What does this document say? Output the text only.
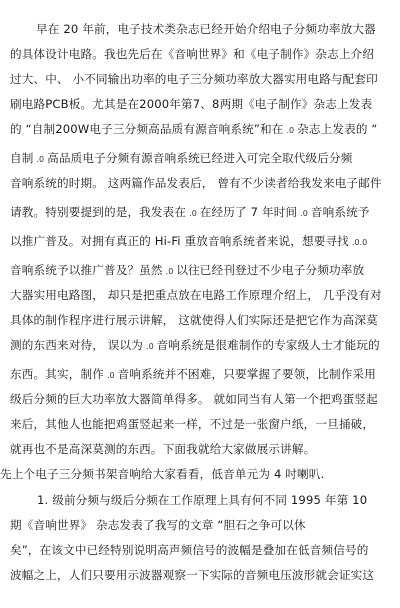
早在 20 年前，电子技术类杂志已经开始介绍电子分频功率放大器
的具体设计电路。我也先后在《音响世界》和《电子制作》杂志上介绍
过大、中、 小不同输出功率的电子三分频功率放大器实用电路与配套印
刷电路PCB板。尤其是在2000年第7、8两期《电子制作》杂志上发表
的 “自制200W电子三分频高品质有源音响系统”和在 .0 杂志上发表的 “
自制 .0 高品质电子分频有源音响系统已经进入可完全取代级后分频
音响系统的时期。 这两篇作品发表后， 曾有不少读者给我发来电子邮件
请教。特别要提到的是，我发表在 .0 在经历了 7 年时间 .0 音响系统予
以推广普及。对拥有真正的 Hi-Fi 重放音响系统者来说，想要寻找 .0.0
音响系统予以推广普及？虽然 .0 以往已经刊登过不少电子分频功率放
大器实用电路图， 却只是把重点放在电路工作原理介绍上， 几乎没有对
具体的制作程序进行展示讲解， 这就使得人们实际还是把它作为高深莫
测的东西来对待， 误以为 .0 音响系统是很难制作的专家级人士才能玩的
东西。其实，制作 .0 音响系统并不困难，只要掌握了要领，比制作采用
级后分频的巨大功率放大器简单得多。 就如同当有人第一个把鸡蛋竖起
来后，其他人也能把鸡蛋竖起来一样，不过是一张窗户纸，一旦捅破，
就再也不是高深莫测的东西。下面我就给大家做展示讲解。
先上个电子三分频书架音响给大家看看，低音单元为 4 吋喇叭.
1. 级前分频与级后分频在工作原理上具有何不同 1995 年第 10
期《音响世界》 杂志发表了我写的文章 “胆石之争可以休
矣”，在该文中已经特别说明高声频信号的波幅是叠加在低音频信号的
波幅之上，人们只要用示波器观察一下实际的音频电压波形就会证实这
